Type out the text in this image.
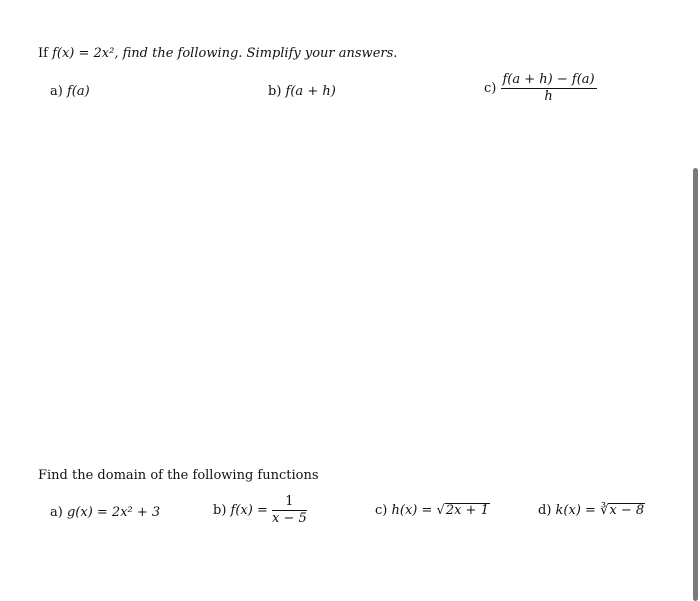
If f(x) = 2x², find the following. Simplify your answers.
a) f(a)	b) f(a + h)	$c) \frac{f(a + h) - f(a)}{h}$
Find the domain of the following functions
a) g(x) = 2x² + 3	b) $f(x) = \frac{1}{x - 5}$	c) h(x) = √2x + 1	d) k(x) = ∛x − 8
